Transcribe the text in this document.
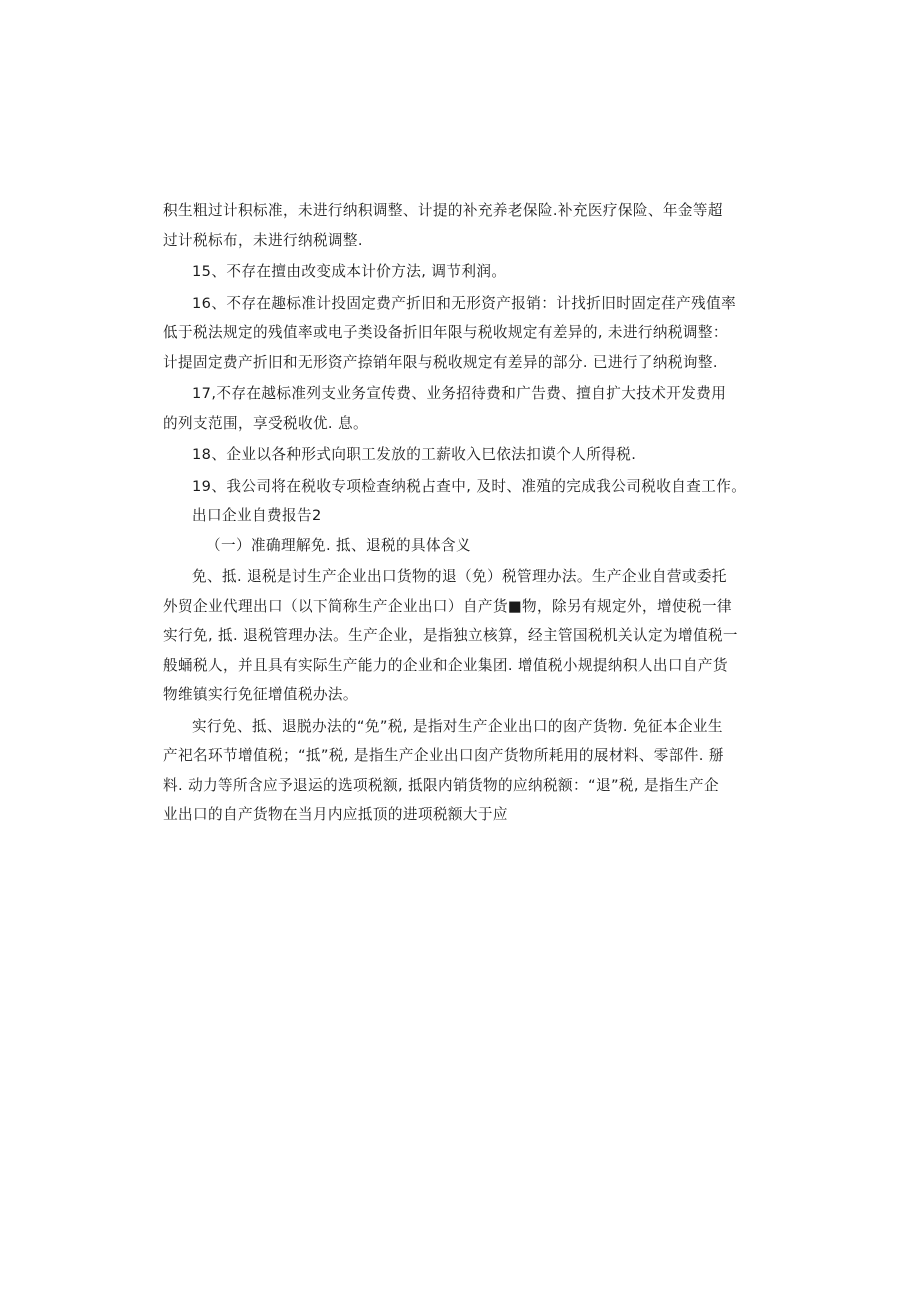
积生粗过计积标准，未进行纳积调整、计提的补充养老保险.补充医疗保险、年金等超
过计税标布，未进行纳税调整.

15、不存在擅由改变成本计价方法, 调节利润。

16、不存在趣标准计投固定费产折旧和无形资产报销：计找折旧时固定荏产残值率
低于税法规定的残值率或电子类设备折旧年限与税收规定有差异的, 未进行纳税调整：
计提固定费产折旧和无形资产捺销年限与税收规定有差异的部分. 已进行了纳税询整.

17,不存在越标准列支业务宣传费、业务招待费和广告费、擅自扩大技术开发费用
的列支范围，享受税收优. 息。

18、企业以各种形式向职工发放的工薪收入巳依法扣谟个人所得税.

19、我公司将在税收专项检查纳税占查中, 及时、准殖的完成我公司税收自查工作。

出口企业自费报告2

（一）准确理解免. 抵、退税的具体含义

免、抵. 退税是讨生产企业出口货物的退（免）税管理办法。生产企业自营或委托
外贸企业代理出口（以下简称生产企业出口）自产货■物，除另有规定外，增使税一律
实行免, 抵. 退税管理办法。生产企业，是指独立核算，经主管国税机关认定为增值税一
般蛹税人，并且具有实际生产能力的企业和企业集团. 增值税小规提纳积人出口自产货
物维镇实行免征增值税办法。

实行免、抵、退脱办法的“免”税, 是指对生产企业出口的囱产货物. 免征本企业生
产祀名环节增值税；“抵”税, 是指生产企业出口囱产货物所耗用的展材料、零部件. 掰
料. 动力等所含应予退运的选项税额, 抵限内销货物的应纳税额：“退”税, 是指生产企
业出口的自产货物在当月内应抵顶的进项税额大于应
